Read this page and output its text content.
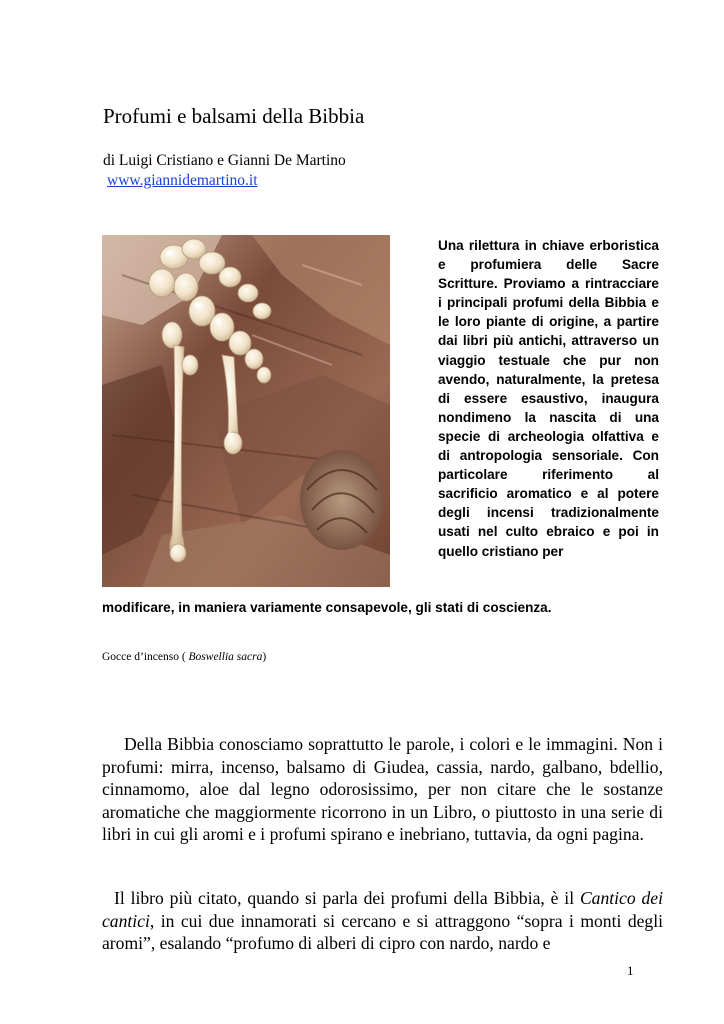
Profumi e balsami della Bibbia
di Luigi Cristiano e Gianni De Martino
www.giannidemartino.it

Una rilettura in chiave erboristica e profumiera delle Sacre Scritture. Proviamo a rintracciare i principali profumi della Bibbia e le loro piante di origine, a partire dai libri più antichi, attraverso un viaggio testuale che pur non avendo, naturalmente, la pretesa di essere esaustivo, inaugura nondimeno la nascita di una specie di archeologia olfattiva e di antropologia sensoriale. Con particolare riferimento al sacrificio aromatico e al potere degli incensi tradizionalmente usati nel culto ebraico e poi in quello cristiano per

modificare, in maniera variamente consapevole, gli stati di coscienza.

Gocce d’incenso ( Boswellia sacra)

Della Bibbia conosciamo soprattutto le parole, i colori e le immagini. Non i profumi: mirra, incenso, balsamo di Giudea, cassia, nardo, galbano, bdellio, cinnamomo, aloe dal legno odorosissimo, per non citare che le sostanze aromatiche che maggiormente ricorrono in un Libro, o piuttosto in una serie di libri in cui gli aromi e i profumi spirano e inebriano, tuttavia, da ogni pagina.

Il libro più citato, quando si parla dei profumi della Bibbia, è il Cantico dei cantici, in cui due innamorati si cercano e si attraggono “sopra i monti degli aromi”, esalando “profumo di alberi di cipro con nardo, nardo e

1
